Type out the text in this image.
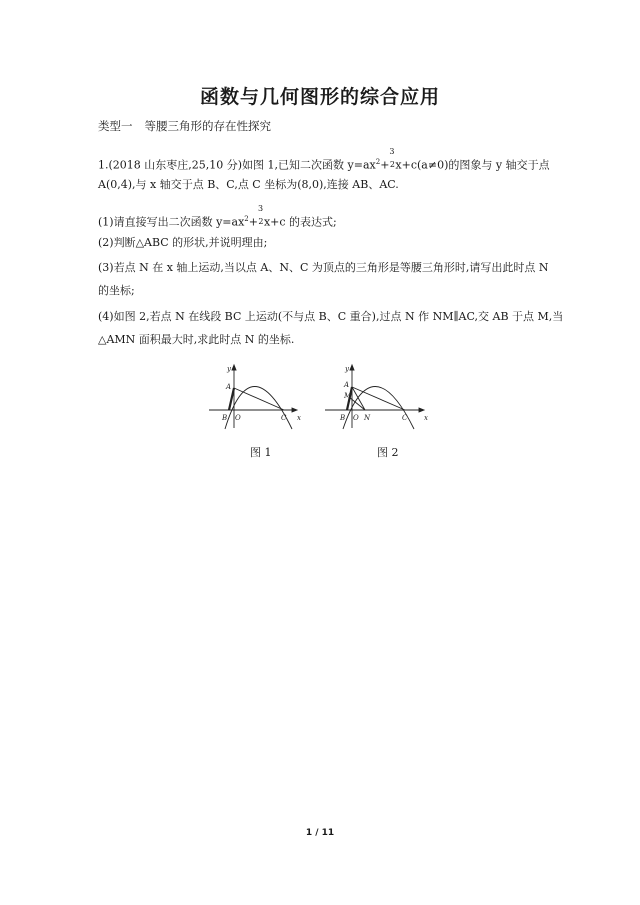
函数与几何图形的综合应用
类型一 等腰三角形的存在性探究
1.(2018 山东枣庄,25,10 分)如图 1,已知二次函数 $y=ax^2+$
3
2x+c(a≠0)的图象与 y 轴交于点
A(0,4),与 x 轴交于点 B、C,点 C 坐标为(8,0),连接 AB、AC.
(1)请直接写出二次函数 $y=ax^2+$
3
2x+c 的表达式;
(2)判断△ABC 的形状,并说明理由;
(3)若点 N 在 x 轴上运动,当以点 A、N、C 为顶点的三角形是等腰三角形时,请写出此时点 N
的坐标;
(4)如图 2,若点 N 在线段 BC 上运动(不与点 B、C 重合),过点 N 作 NM∥AC,交 AB 于点 M,当
△AMN 面积最大时,求此时点 N 的坐标.
y
x
A
B O	C
图 1
y
x
A
M
B O N	C
图 2
1 / 11
